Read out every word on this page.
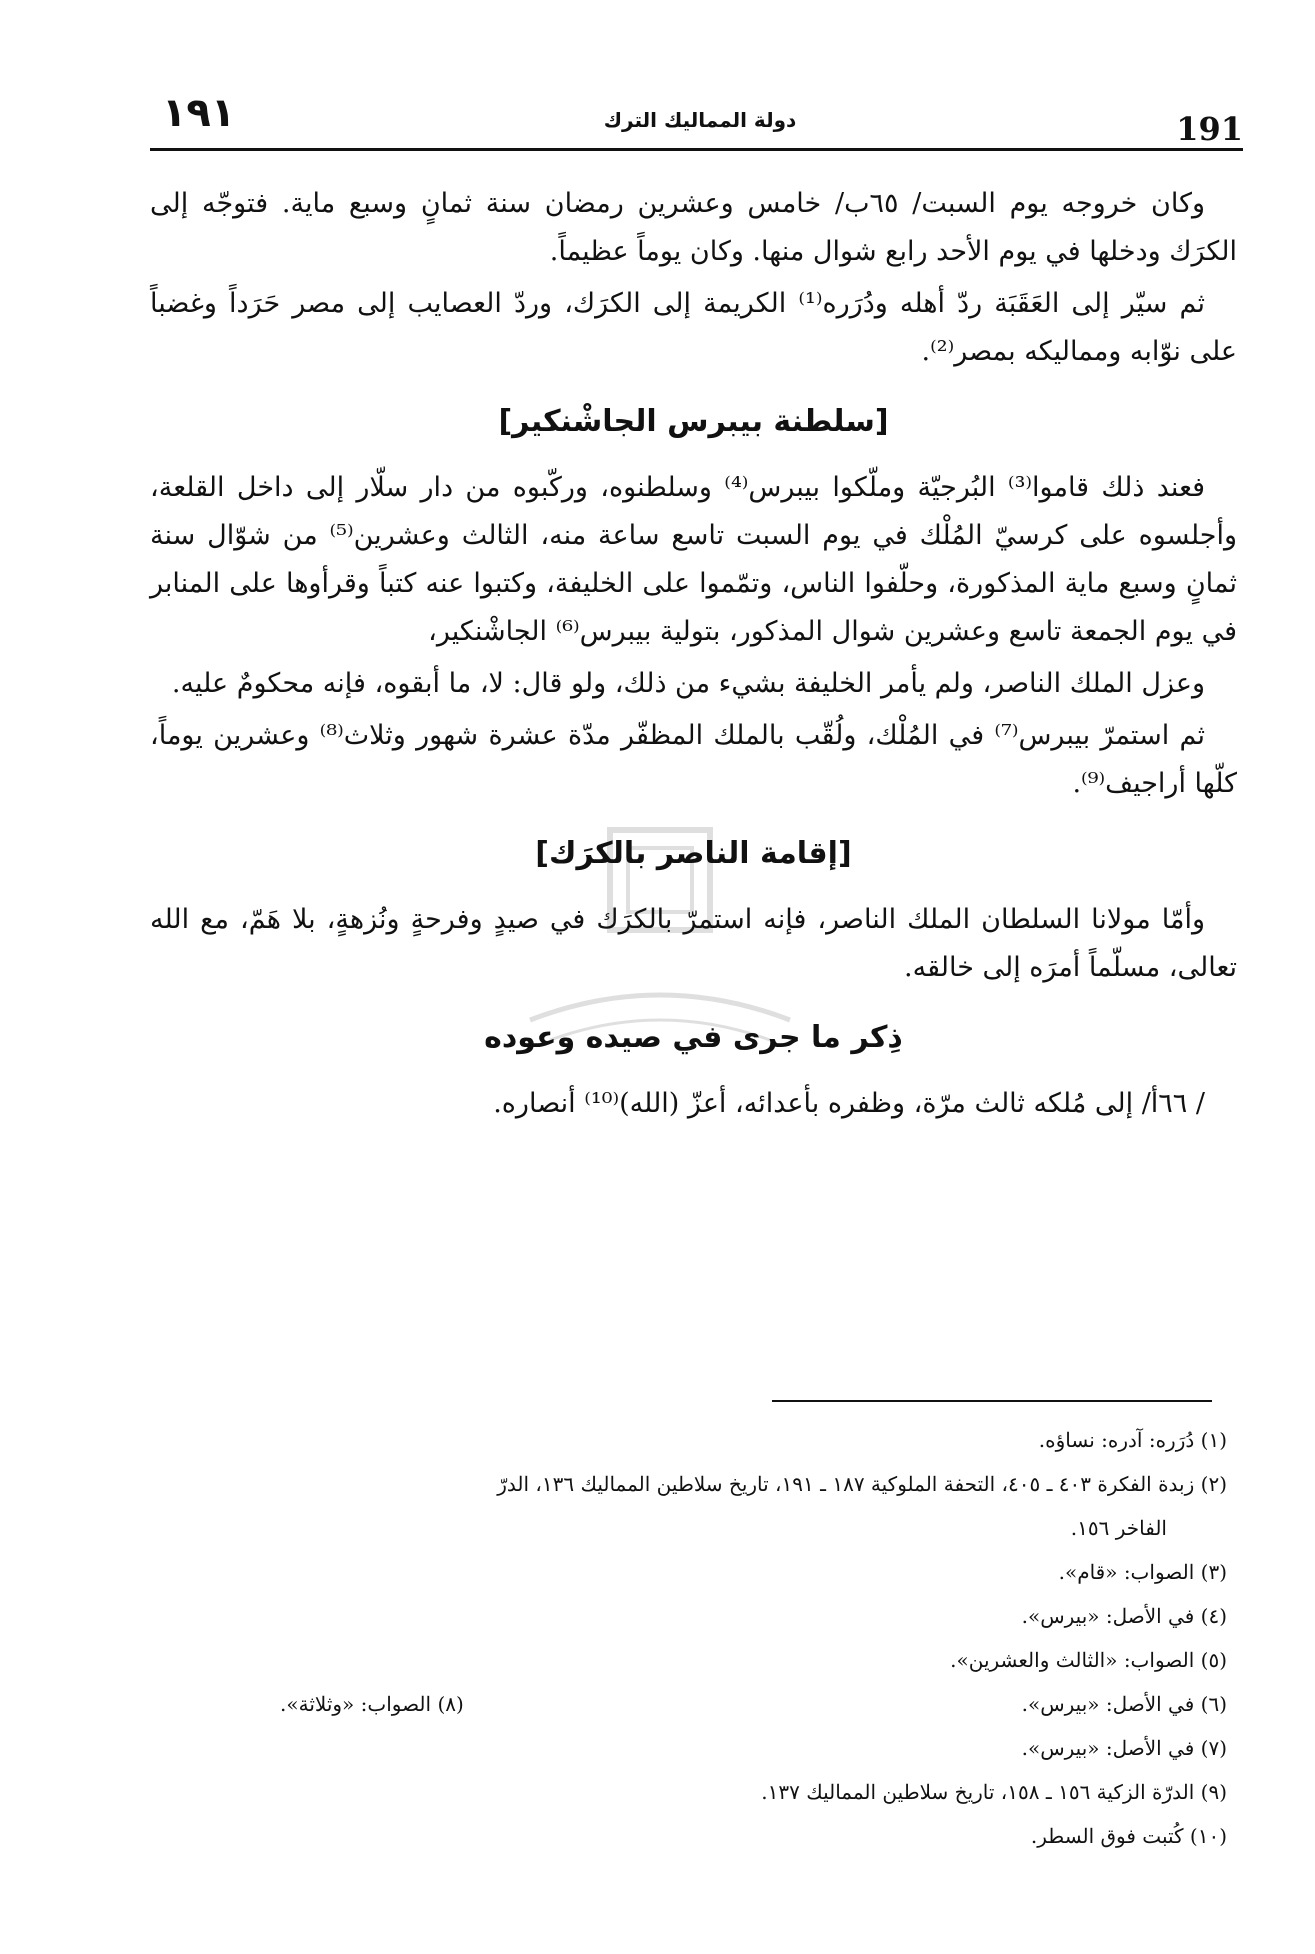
١٩١	دولة المماليك الترك	191

وكان خروجه يوم السبت/ ٦٥ب/ خامس وعشرين رمضان سنة ثمانٍ وسبع مایة. فتوجّه إلى الكرَك ودخلها في يوم الأحد رابع شوال منها. وكان يوماً عظيماً.

ثم سيّر إلى العَقَبَة ردّ أهله ودُرَره⁽¹⁾ الكريمة إلى الكرَك، وردّ العصايب إلى مصر حَرَداً وغضباً على نوّابه ومماليكه بمصر⁽²⁾.

[سلطنة بيبرس الجاشْنكير]

فعند ذلك قاموا⁽³⁾ البُرجيّة وملّكوا بيبرس⁽⁴⁾ وسلطنوه، وركّبوه من دار سلّار إلى داخل القلعة، وأجلسوه على كرسيّ المُلْك في يوم السبت تاسع ساعة منه، الثالث وعشرين⁽⁵⁾ من شوّال سنة ثمانٍ وسبع مایة المذكورة، وحلّفوا الناس، وتمّموا على الخليفة، وكتبوا عنه كتباً وقرأوها على المنابر في يوم الجمعة تاسع وعشرين شوال المذكور، بتولية بيبرس⁽⁶⁾ الجاشْنكير،

وعزل الملك الناصر، ولم يأمر الخليفة بشيء من ذلك، ولو قال: لا، ما أبقوه، فإنه محكومٌ عليه.

ثم استمرّ بيبرس⁽⁷⁾ في المُلْك، ولُقّب بالملك المظفّر مدّة عشرة شهور وثلاث⁽⁸⁾ وعشرين يوماً، كلّها أراجيف⁽⁹⁾.

[إقامة الناصر بالكرَك]

وأمّا مولانا السلطان الملك الناصر، فإنه استمرّ بالكرَك في صيدٍ وفرحةٍ ونُزهةٍ، بلا هَمّ، مع الله تعالى، مسلّماً أمرَه إلى خالقه.

ذِكر ما جرى في صيده وعوده

/ ٦٦أ/ إلى مُلكه ثالث مرّة، وظفره بأعدائه، أعزّ (الله)⁽¹⁰⁾ أنصاره.

(١) دُرَره: آدره: نساؤه.

(٢) زبدة الفكرة ٤٠٣ ـ ٤٠٥، التحفة الملوكية ١٨٧ ـ ١٩١، تاريخ سلاطين المماليك ١٣٦، الدرّ

الفاخر ١٥٦.

(٣) الصواب: «قام».

(٤) في الأصل: «بيرس».

(٥) الصواب: «الثالث والعشرين».

(٦) في الأصل: «بيرس».

(٨) الصواب: «وثلاثة».

(٧) في الأصل: «بيرس».

(٩) الدرّة الزكية ١٥٦ ـ ١٥٨، تاريخ سلاطين المماليك ١٣٧.

(١٠) كُتبت فوق السطر.
